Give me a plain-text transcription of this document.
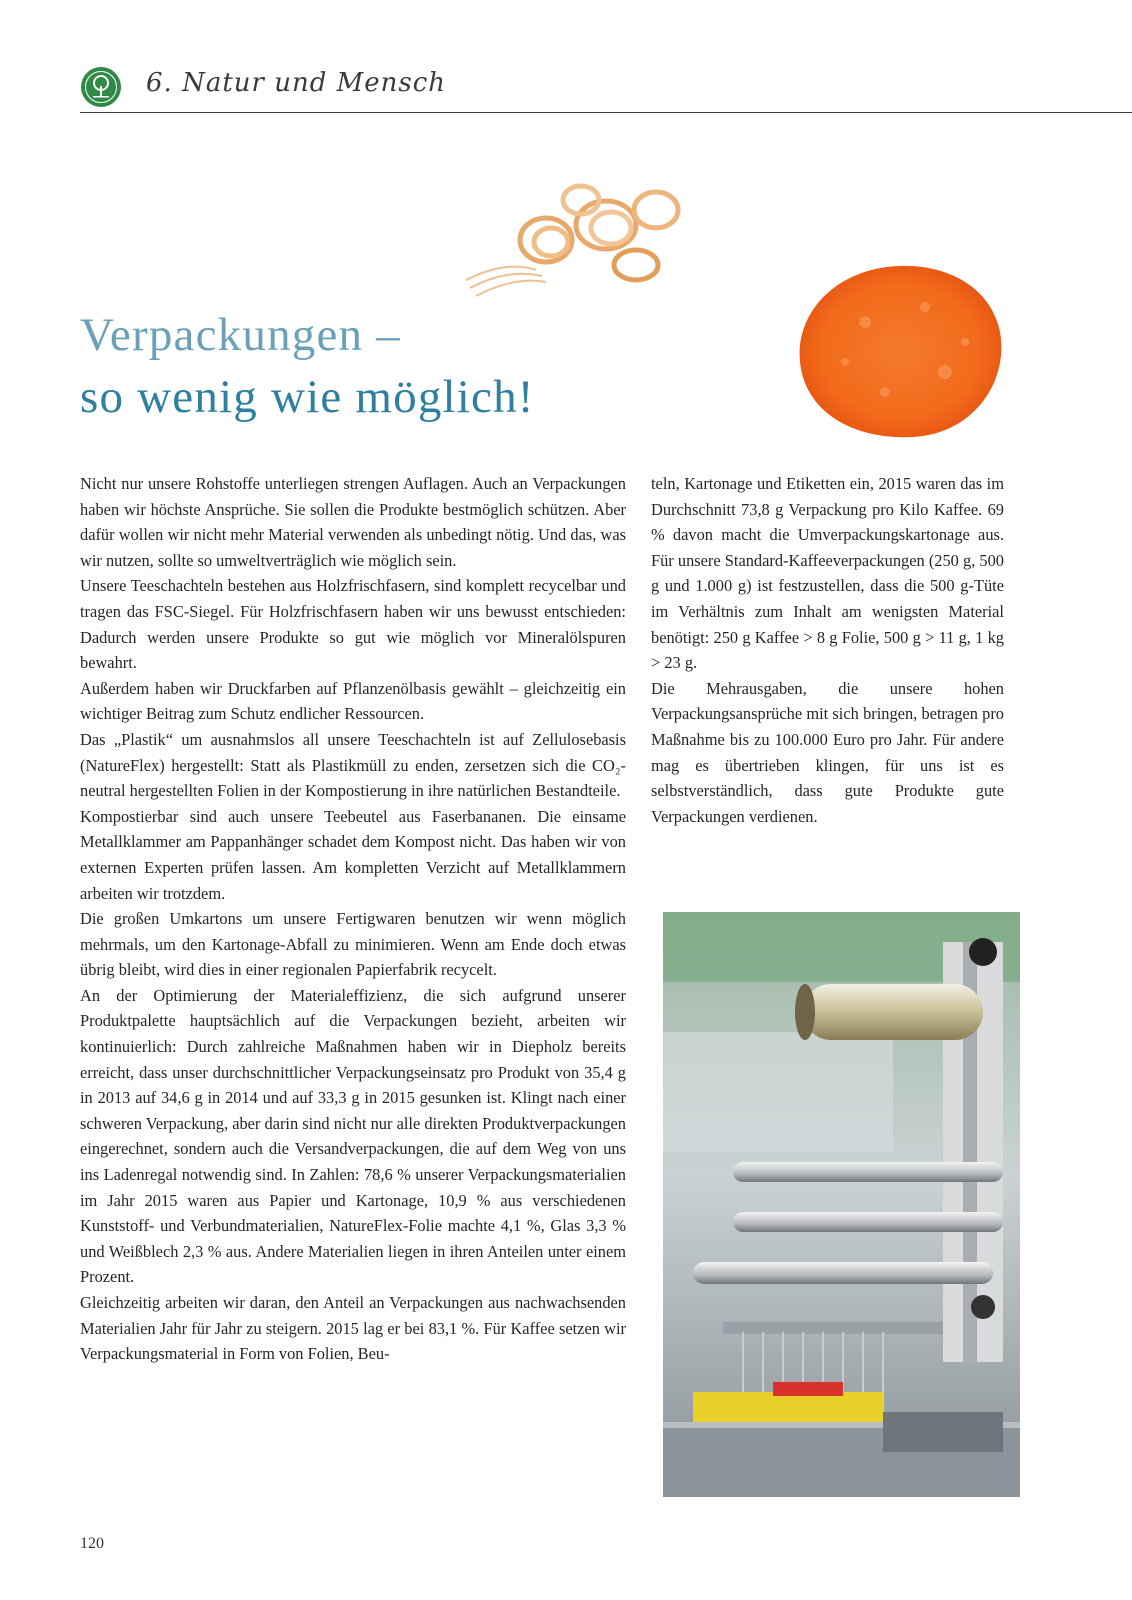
6. Natur und Mensch
Verpackungen –
so wenig wie möglich!

Nicht nur unsere Rohstoffe unterliegen strengen Auflagen. Auch an Verpackungen haben wir höchste Ansprüche. Sie sollen die Produkte bestmöglich schützen. Aber dafür wollen wir nicht mehr Material verwenden als unbedingt nötig. Und das, was wir nutzen, sollte so umweltverträglich wie möglich sein.

Unsere Teeschachteln bestehen aus Holzfrischfasern, sind komplett recycelbar und tragen das FSC-Siegel. Für Holzfrischfasern haben wir uns bewusst entschieden: Dadurch werden unsere Produkte so gut wie möglich vor Mineralölspuren bewahrt.

Außerdem haben wir Druckfarben auf Pflanzenölbasis gewählt – gleichzeitig ein wichtiger Beitrag zum Schutz endlicher Ressourcen.

Das „Plastik“ um ausnahmslos all unsere Teeschachteln ist auf Zellulosebasis (NatureFlex) hergestellt: Statt als Plastikmüll zu enden, zersetzen sich die CO₂-neutral hergestellten Folien in der Kompostierung in ihre natürlichen Bestandteile.

Kompostierbar sind auch unsere Teebeutel aus Faserbananen. Die einsame Metallklammer am Pappanhänger schadet dem Kompost nicht. Das haben wir von externen Experten prüfen lassen. Am kompletten Verzicht auf Metallklammern arbeiten wir trotzdem.

Die großen Umkartons um unsere Fertigwaren benutzen wir wenn möglich mehrmals, um den Kartonage-Abfall zu minimieren. Wenn am Ende doch etwas übrig bleibt, wird dies in einer regionalen Papierfabrik recycelt.

An der Optimierung der Materialeffizienz, die sich aufgrund unserer Produktpalette hauptsächlich auf die Verpackungen bezieht, arbeiten wir kontinuierlich: Durch zahlreiche Maßnahmen haben wir in Diepholz bereits erreicht, dass unser durchschnittlicher Verpackungseinsatz pro Produkt von 35,4 g in 2013 auf 34,6 g in 2014 und auf 33,3 g in 2015 gesunken ist. Klingt nach einer schweren Verpackung, aber darin sind nicht nur alle direkten Produktverpackungen eingerechnet, sondern auch die Versandverpackungen, die auf dem Weg von uns ins Ladenregal notwendig sind. In Zahlen: 78,6 % unserer Verpackungsmaterialien im Jahr 2015 waren aus Papier und Kartonage, 10,9 % aus verschiedenen Kunststoff- und Verbundmaterialien, NatureFlex-Folie machte 4,1 %, Glas 3,3 % und Weißblech 2,3 % aus. Andere Materialien liegen in ihren Anteilen unter einem Prozent.

Gleichzeitig arbeiten wir daran, den Anteil an Verpackungen aus nachwachsenden Materialien Jahr für Jahr zu steigern. 2015 lag er bei 83,1 %. Für Kaffee setzen wir Verpackungsmaterial in Form von Folien, Beu-

teln, Kartonage und Etiketten ein, 2015 waren das im Durchschnitt 73,8 g Verpackung pro Kilo Kaffee. 69 % davon macht die Umverpackungskartonage aus. Für unsere Standard-Kaffeeverpackungen (250 g, 500 g und 1.000 g) ist festzustellen, dass die 500 g-Tüte im Verhältnis zum Inhalt am wenigsten Material benötigt: 250 g Kaffee > 8 g Folie, 500 g > 11 g, 1 kg > 23 g.

Die Mehrausgaben, die unsere hohen Verpackungsansprüche mit sich bringen, betragen pro Maßnahme bis zu 100.000 Euro pro Jahr. Für andere mag es übertrieben klingen, für uns ist es selbstverständlich, dass gute Produkte gute Verpackungen verdienen.

120
